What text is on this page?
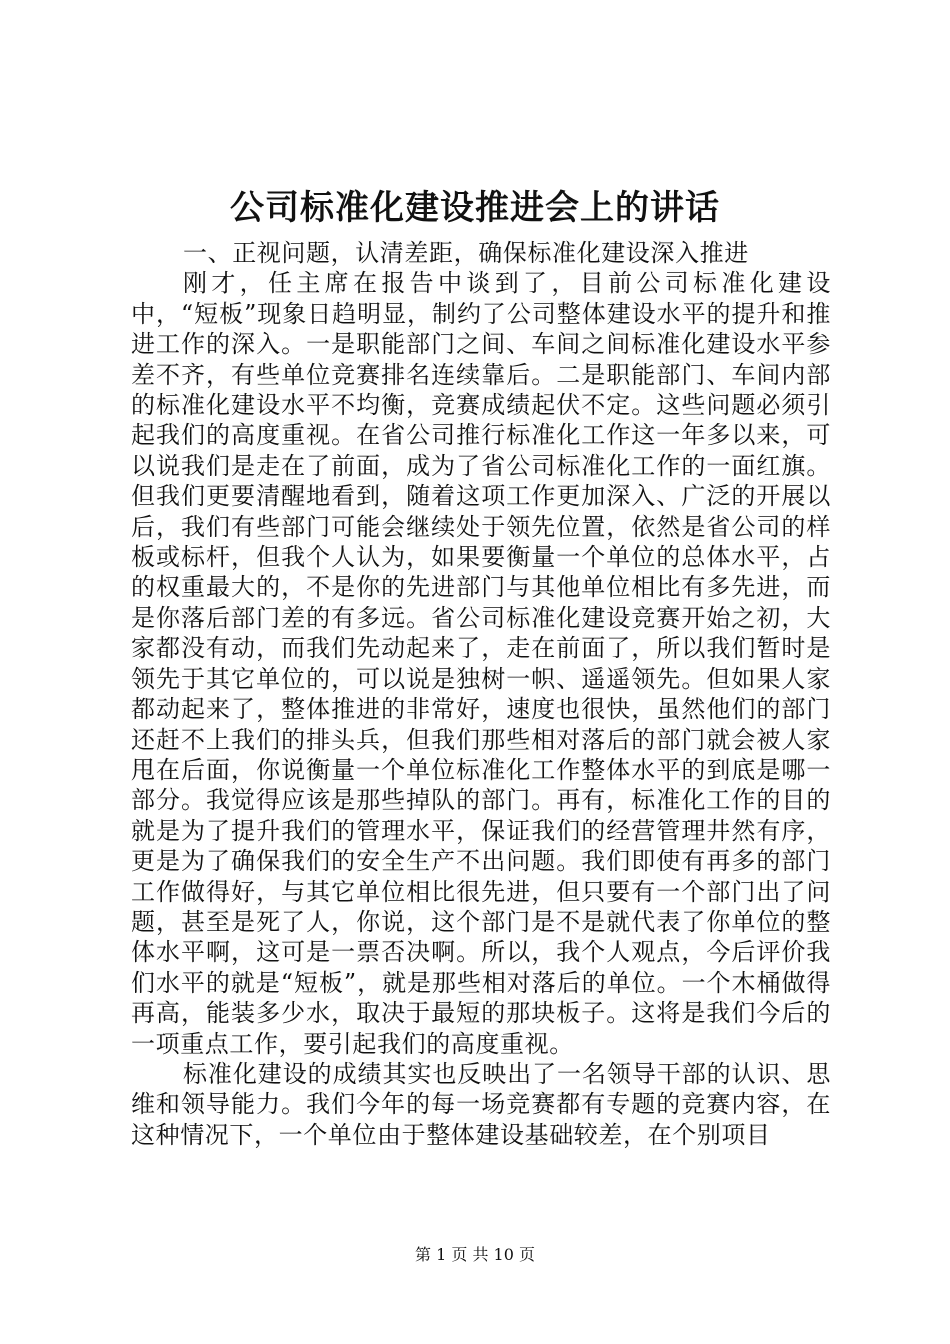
公司标准化建设推进会上的讲话

一、正视问题，认清差距，确保标准化建设深入推进

刚才，任主席在报告中谈到了，目前公司标准化建设中，“短板”现象日趋明显，制约了公司整体建设水平的提升和推进工作的深入。一是职能部门之间、车间之间标准化建设水平参差不齐，有些单位竞赛排名连续靠后。二是职能部门、车间内部的标准化建设水平不均衡，竞赛成绩起伏不定。这些问题必须引起我们的高度重视。在省公司推行标准化工作这一年多以来，可以说我们是走在了前面，成为了省公司标准化工作的一面红旗。但我们更要清醒地看到，随着这项工作更加深入、广泛的开展以后，我们有些部门可能会继续处于领先位置，依然是省公司的样板或标杆，但我个人认为，如果要衡量一个单位的总体水平，占的权重最大的，不是你的先进部门与其他单位相比有多先进，而是你落后部门差的有多远。省公司标准化建设竞赛开始之初，大家都没有动，而我们先动起来了，走在前面了，所以我们暂时是领先于其它单位的，可以说是独树一帜、遥遥领先。但如果人家都动起来了，整体推进的非常好，速度也很快，虽然他们的部门还赶不上我们的排头兵，但我们那些相对落后的部门就会被人家甩在后面，你说衡量一个单位标准化工作整体水平的到底是哪一部分。我觉得应该是那些掉队的部门。再有，标准化工作的目的就是为了提升我们的管理水平，保证我们的经营管理井然有序，更是为了确保我们的安全生产不出问题。我们即使有再多的部门工作做得好，与其它单位相比很先进，但只要有一个部门出了问题，甚至是死了人，你说，这个部门是不是就代表了你单位的整体水平啊，这可是一票否决啊。所以，我个人观点，今后评价我们水平的就是“短板”，就是那些相对落后的单位。一个木桶做得再高，能装多少水，取决于最短的那块板子。这将是我们今后的一项重点工作，要引起我们的高度重视。

标准化建设的成绩其实也反映出了一名领导干部的认识、思维和领导能力。我们今年的每一场竞赛都有专题的竞赛内容，在这种情况下，一个单位由于整体建设基础较差，在个别项目

第 1 页 共 10 页
